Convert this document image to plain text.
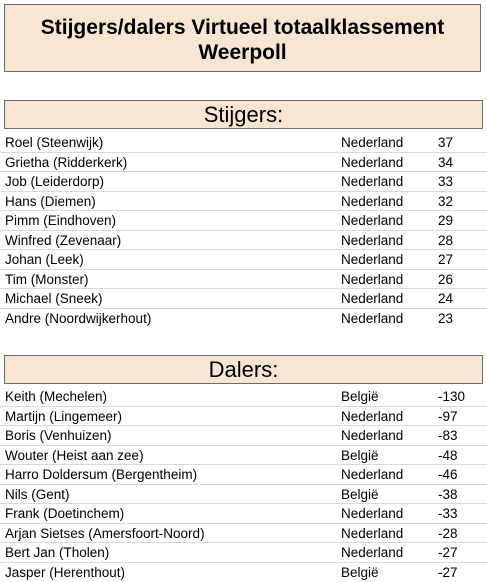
Stijgers/dalers Virtueel totaalklassement
Weerpoll
Stijgers:
Roel (Steenwijk)	Nederland	37
Grietha (Ridderkerk)	Nederland	34
Job (Leiderdorp)	Nederland	33
Hans (Diemen)	Nederland	32
Pimm (Eindhoven)	Nederland	29
Winfred (Zevenaar)	Nederland	28
Johan (Leek)	Nederland	27
Tim (Monster)	Nederland	26
Michael (Sneek)	Nederland	24
Andre (Noordwijkerhout)	Nederland	23
Dalers:
Keith (Mechelen)	België	-130
Martijn (Lingemeer)	Nederland	-97
Boris (Venhuizen)	Nederland	-83
Wouter (Heist aan zee)	België	-48
Harro Doldersum (Bergentheim)	Nederland	-46
Nils (Gent)	België	-38
Frank (Doetinchem)	Nederland	-33
Arjan Sietses (Amersfoort-Noord)	Nederland	-28
Bert Jan (Tholen)	Nederland	-27
Jasper (Herenthout)	België	-27
